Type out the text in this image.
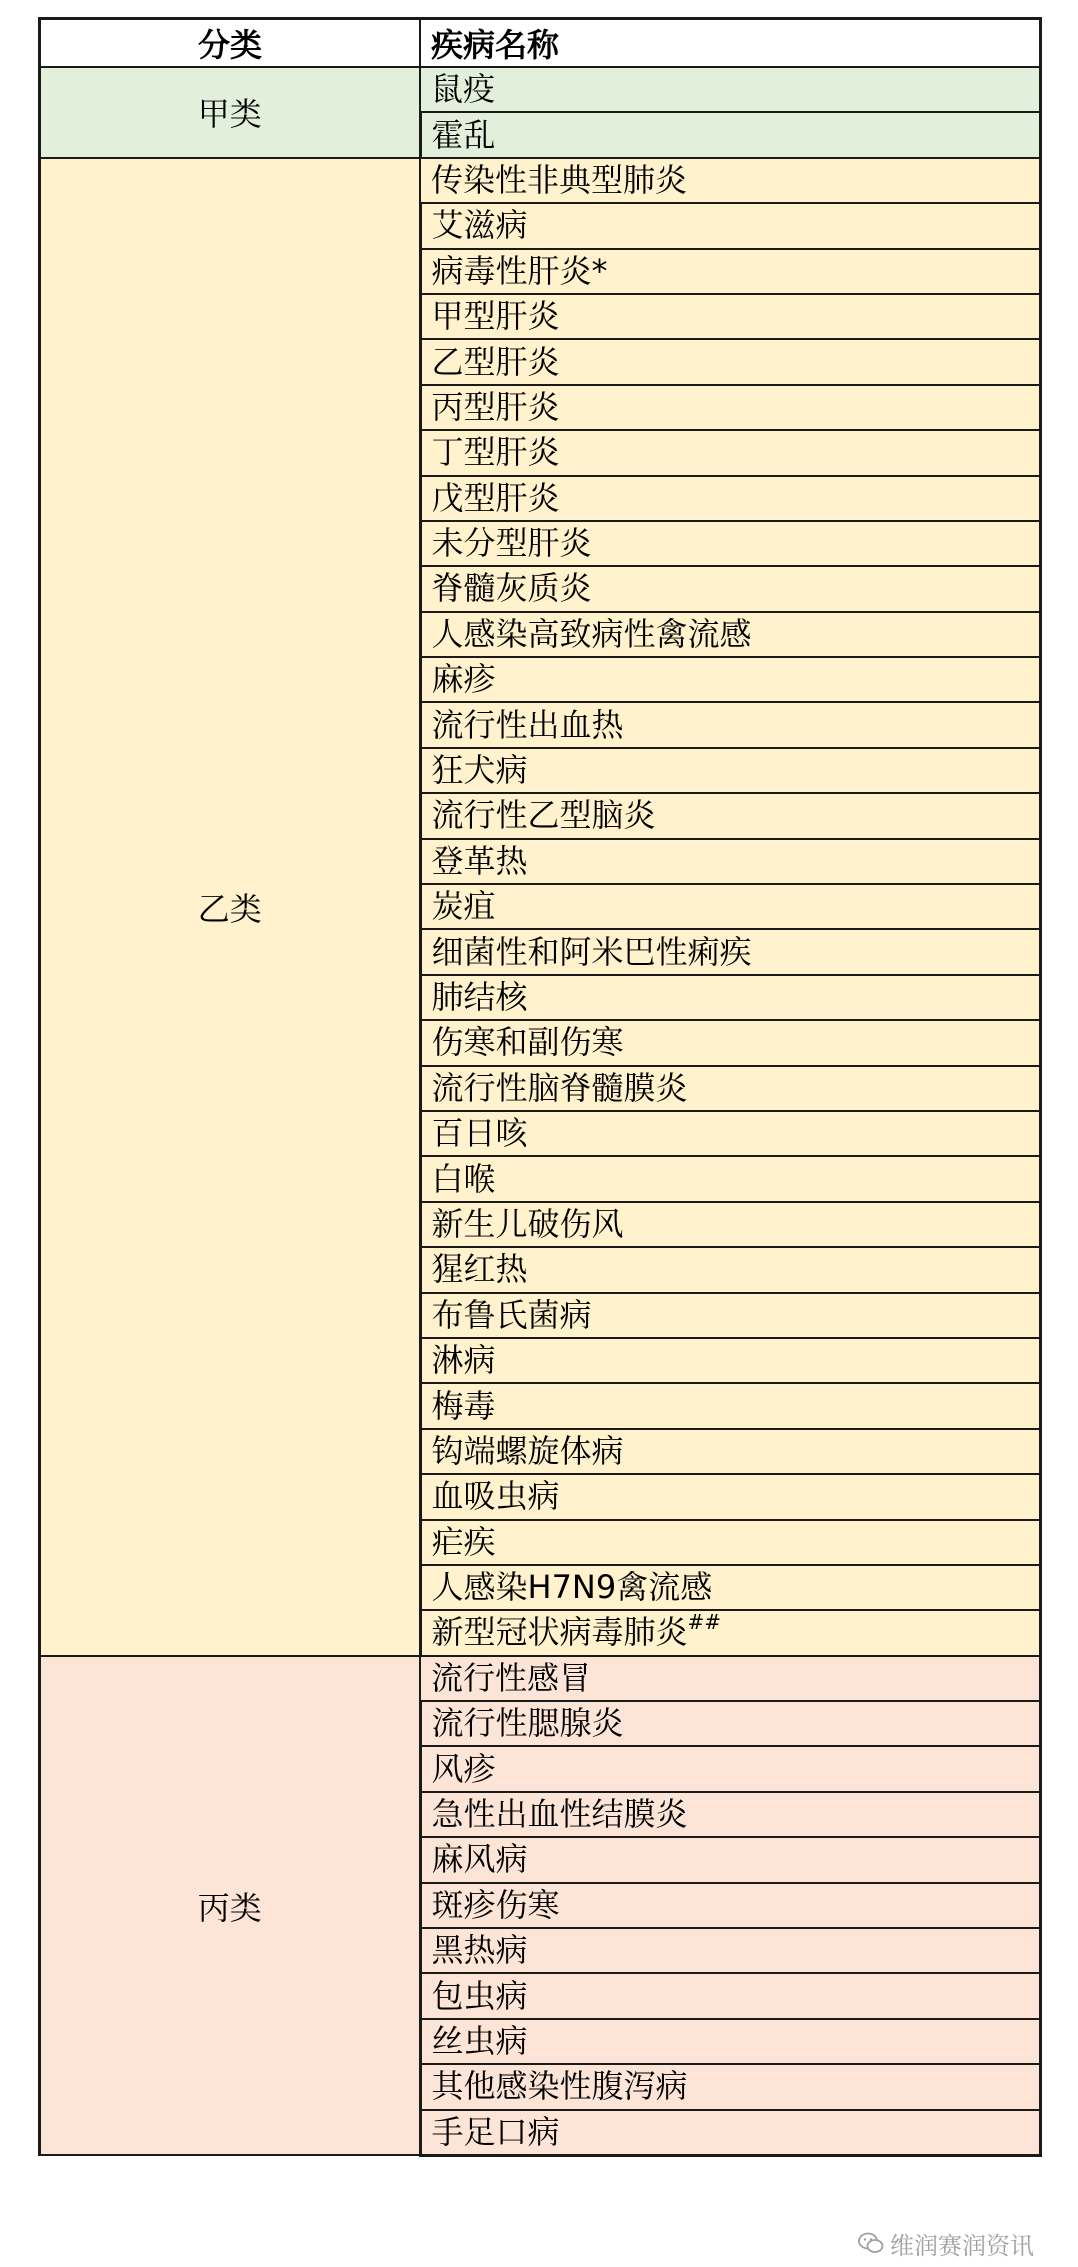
分类	疾病名称
甲类	鼠疫
	霍乱
乙类	传染性非典型肺炎
	艾滋病
	病毒性肝炎*
	甲型肝炎
	乙型肝炎
	丙型肝炎
	丁型肝炎
	戊型肝炎
	未分型肝炎
	脊髓灰质炎
	人感染高致病性禽流感
	麻疹
	流行性出血热
	狂犬病
	流行性乙型脑炎
	登革热
	炭疽
	细菌性和阿米巴性痢疾
	肺结核
	伤寒和副伤寒
	流行性脑脊髓膜炎
	百日咳
	白喉
	新生儿破伤风
	猩红热
	布鲁氏菌病
	淋病
	梅毒
	钩端螺旋体病
	血吸虫病
	疟疾
	人感染H7N9禽流感
	新型冠状病毒肺炎##
丙类	流行性感冒
	流行性腮腺炎
	风疹
	急性出血性结膜炎
	麻风病
	斑疹伤寒
	黑热病
	包虫病
	丝虫病
	其他感染性腹泻病
	手足口病
维润赛润资讯
